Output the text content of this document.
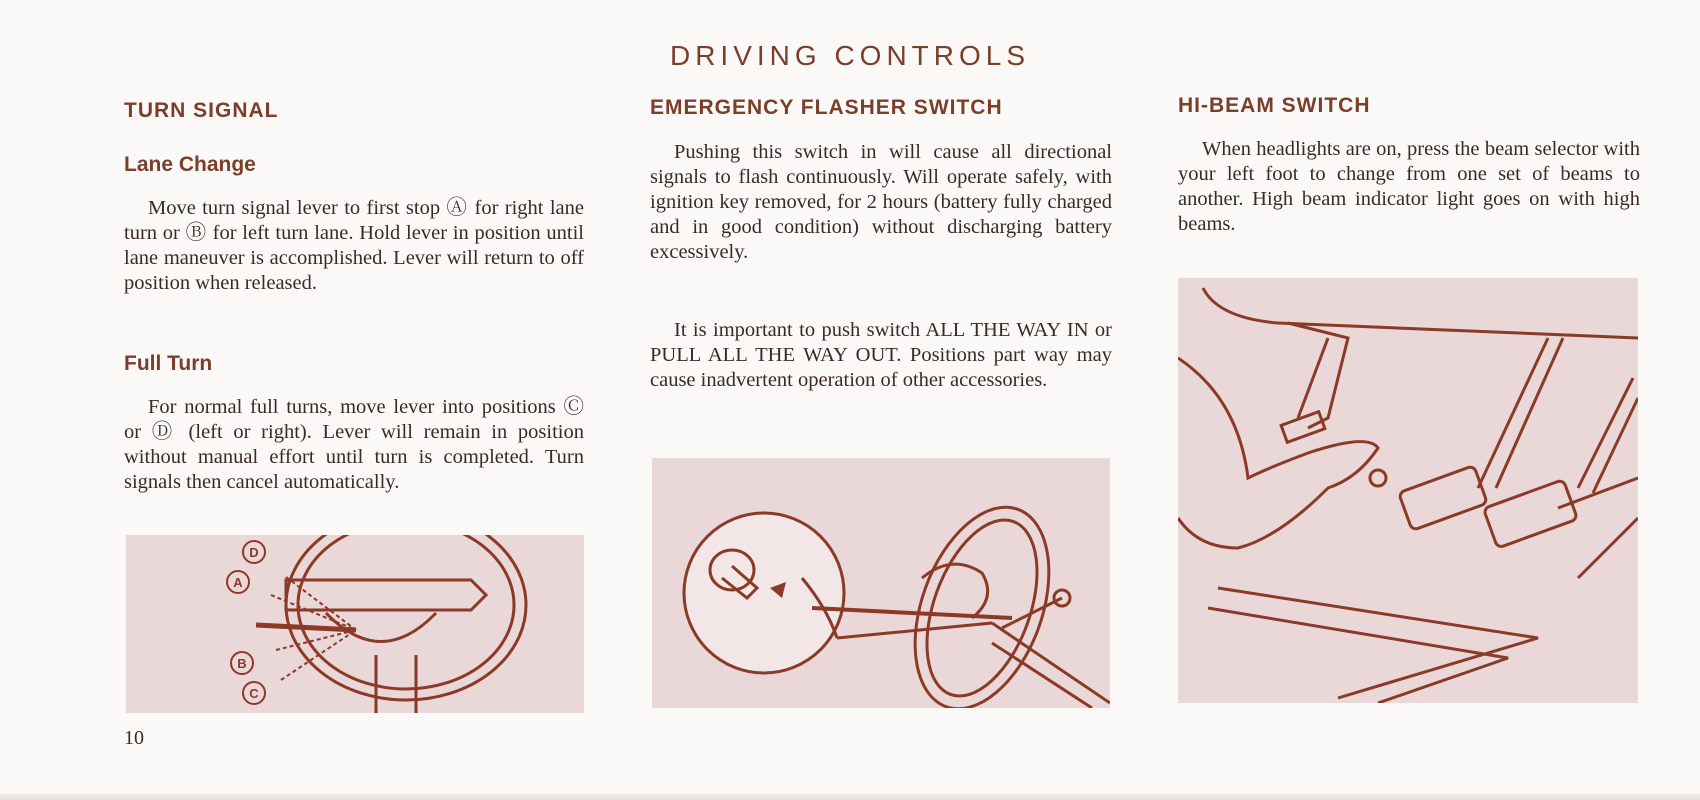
DRIVING CONTROLS
TURN SIGNAL
Lane Change

Move turn signal lever to first stop Ⓐ for right lane turn or Ⓑ for left turn lane. Hold lever in position until lane maneuver is accomplished. Lever will return to off position when released.

Full Turn

For normal full turns, move lever into positions Ⓒ or Ⓓ (left or right). Lever will remain in position without manual effort until turn is completed. Turn signals then cancel automatically.

D
A
B
C
EMERGENCY FLASHER SWITCH

Pushing this switch in will cause all directional signals to flash continuously. Will operate safely, with ignition key removed, for 2 hours (battery fully charged and in good condition) without discharging battery excessively.

It is important to push switch ALL THE WAY IN or PULL ALL THE WAY OUT. Positions part way may cause inadvertent operation of other accessories.

HI-BEAM SWITCH

When headlights are on, press the beam selector with your left foot to change from one set of beams to another. High beam indicator light goes on with high beams.

10
